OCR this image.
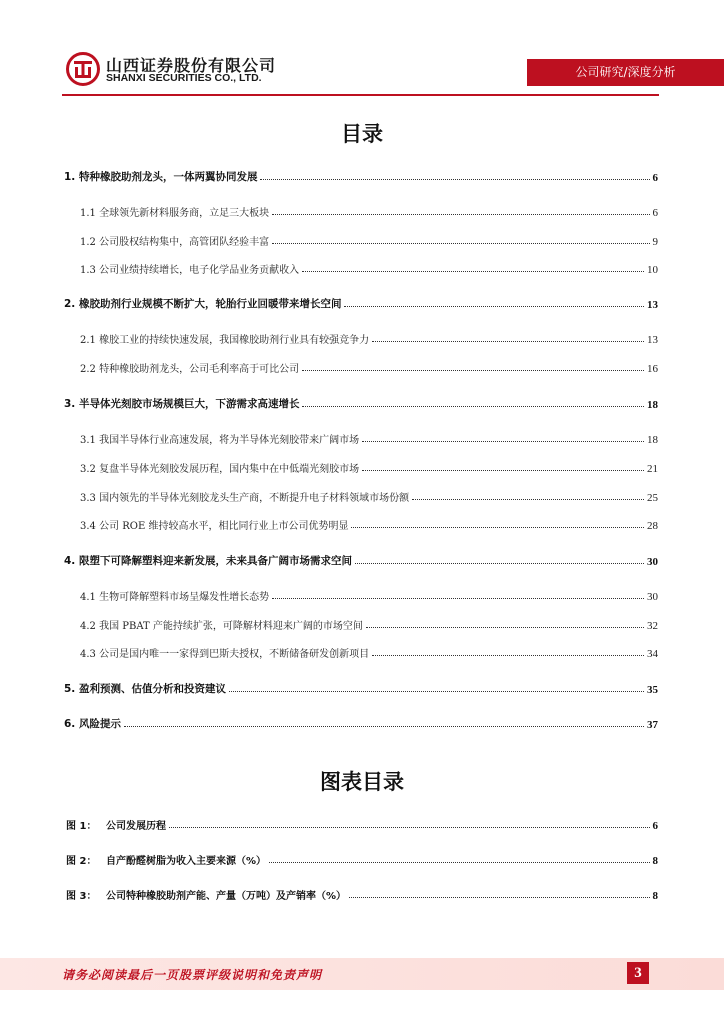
山西证券股份有限公司
SHANXI SECURITIES CO., LTD.	公司研究/深度分析
目录
1. 特种橡胶助剂龙头，一体两翼协同发展	6
1.1 全球领先新材料服务商，立足三大板块	6
1.2 公司股权结构集中，高管团队经验丰富	9
1.3 公司业绩持续增长，电子化学品业务贡献收入	10
2. 橡胶助剂行业规模不断扩大，轮胎行业回暖带来增长空间	13
2.1 橡胶工业的持续快速发展，我国橡胶助剂行业具有较强竞争力	13
2.2 特种橡胶助剂龙头，公司毛利率高于可比公司	16
3. 半导体光刻胶市场规模巨大，下游需求高速增长	18
3.1 我国半导体行业高速发展，将为半导体光刻胶带来广阔市场	18
3.2 复盘半导体光刻胶发展历程，国内集中在中低端光刻胶市场	21
3.3 国内领先的半导体光刻胶龙头生产商，不断提升电子材料领域市场份额	25
3.4 公司 ROE 维持较高水平，相比同行业上市公司优势明显	28
4. 限塑下可降解塑料迎来新发展，未来具备广阔市场需求空间	30
4.1 生物可降解塑料市场呈爆发性增长态势	30
4.2 我国 PBAT 产能持续扩张，可降解材料迎来广阔的市场空间	32
4.3 公司是国内唯一一家得到巴斯夫授权，不断储备研发创新项目	34
5. 盈利预测、估值分析和投资建议	35
6. 风险提示	37
图表目录
图 1： 公司发展历程	6
图 2： 自产酚醛树脂为收入主要来源（%）	8
图 3： 公司特种橡胶助剂产能、产量（万吨）及产销率（%）	8
请务必阅读最后一页股票评级说明和免责声明	3
